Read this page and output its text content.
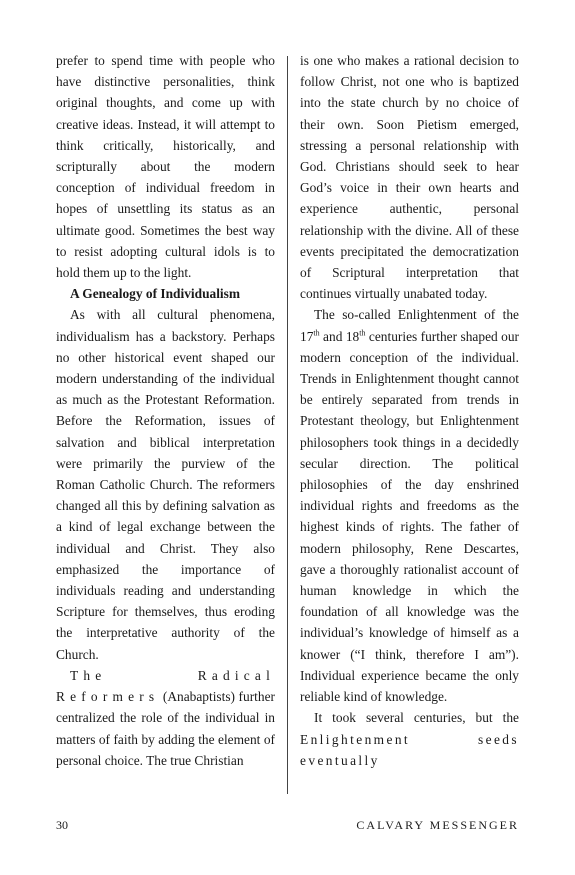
prefer to spend time with people who have distinctive personalities, think original thoughts, and come up with creative ideas. Instead, it will attempt to think critically, historically, and scripturally about the modern conception of individual freedom in hopes of unsettling its status as an ultimate good. Sometimes the best way to resist adopting cultural idols is to hold them up to the light.

A Genealogy of Individualism

As with all cultural phenomena, individualism has a backstory. Perhaps no other historical event shaped our modern understanding of the individual as much as the Protestant Reformation. Before the Reformation, issues of salvation and biblical interpretation were primarily the purview of the Roman Catholic Church. The reformers changed all this by defining salvation as a kind of legal exchange between the individual and Christ. They also emphasized the importance of individuals reading and understanding Scripture for themselves, thus eroding the interpretative authority of the Church.

The Radical Reformers (Anabaptists) further centralized the role of the individual in matters of faith by adding the element of personal choice. The true Christian

is one who makes a rational decision to follow Christ, not one who is baptized into the state church by no choice of their own. Soon Pietism emerged, stressing a personal relationship with God. Christians should seek to hear God’s voice in their own hearts and experience authentic, personal relationship with the divine. All of these events precipitated the democratization of Scriptural interpretation that continues virtually unabated today.

The so-called Enlightenment of the 17th and 18th centuries further shaped our modern conception of the individual. Trends in Enlightenment thought cannot be entirely separated from trends in Protestant theology, but Enlightenment philosophers took things in a decidedly secular direction. The political philosophies of the day enshrined individual rights and freedoms as the highest kinds of rights. The father of modern philosophy, Rene Descartes, gave a thoroughly rationalist account of human knowledge in which the foundation of all knowledge was the individual’s knowledge of himself as a knower (“I think, therefore I am”). Individual experience became the only reliable kind of knowledge.

It took several centuries, but the Enlightenment seeds eventually

30	CALVARY MESSENGER
